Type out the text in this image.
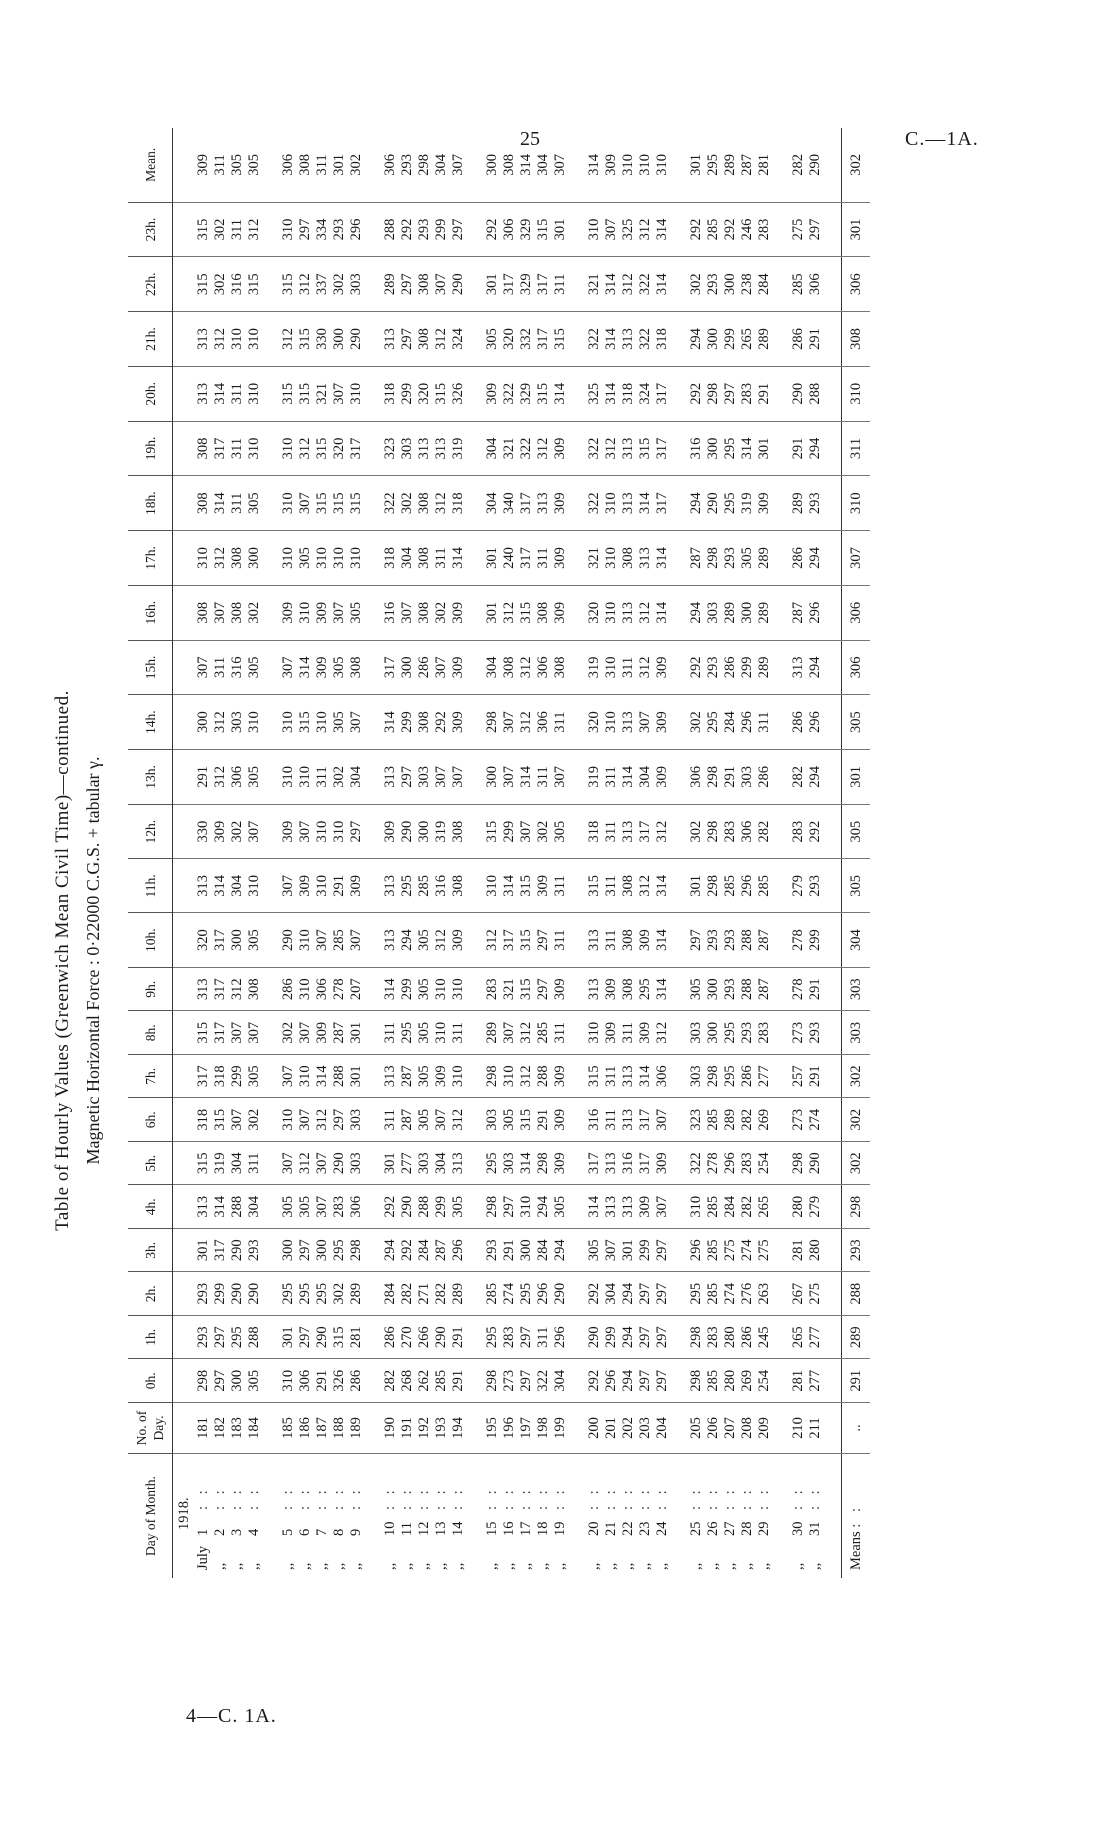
25	C.—1A.
Table of Hourly Values (Greenwich Mean Civil Time)—continued. Magnetic Horizontal Force : 0·22000 C.G.S. + tabular γ.
Day of Month.	No. of Day.	0h.	1h.	2h.	3h.	4h.	5h.	6h.	7h.	8h.	9h.	10h.	11h.	12h.	13h.	14h.	15h.	16h.	17h.	18h.	19h.	20h.	21h.	22h.	23h.	Mean.
1918.																										
July1: :	181	298	293	293	301	313	315	318	317	315	313	320	313	330	291	300	307	308	310	308	308	313	313	315	315	309
,,2: :	182	297	297	299	317	314	319	315	318	317	317	317	314	309	312	312	311	307	312	314	317	314	312	302	302	311
,,3: :	183	300	295	290	290	288	304	307	299	307	312	300	304	302	306	303	316	308	308	311	311	311	310	316	311	305
,,4: :	184	305	288	290	293	304	311	302	305	307	308	305	310	307	305	310	305	302	300	305	310	310	310	315	312	305

,,5: :	185	310	301	295	300	305	307	310	307	302	286	290	307	309	310	310	307	309	310	310	310	315	312	315	310	306
,,6: :	186	306	297	295	297	305	312	307	310	307	310	310	309	307	310	315	314	310	305	307	312	315	315	312	297	308
,,7: :	187	291	290	295	300	307	307	312	314	309	306	307	310	310	311	310	309	309	310	315	315	321	330	337	334	311
,,8: :	188	326	315	302	295	283	290	297	288	287	278	285	291	310	302	305	305	307	310	315	320	307	300	302	293	301
,,9: :	189	286	281	289	298	306	303	303	301	301	207	307	309	297	304	307	308	305	310	315	317	310	290	303	296	302

,,10: :	190	282	286	284	294	292	301	311	313	311	314	313	313	309	313	314	317	316	318	322	323	318	313	289	288	306
,,11: :	191	268	270	282	292	290	277	287	287	295	299	294	295	290	297	299	300	307	304	302	303	299	297	297	292	293
,,12: :	192	262	266	271	284	288	303	305	305	305	305	305	285	300	303	308	286	308	308	308	313	320	308	308	293	298
,,13: :	193	285	290	282	287	299	304	307	309	310	310	312	316	319	307	292	307	302	311	312	313	315	312	307	299	304
,,14: :	194	291	291	289	296	305	313	312	310	311	310	309	308	308	307	309	309	309	314	318	319	326	324	290	297	307

,,15: :	195	298	295	285	293	298	295	303	298	289	283	312	310	315	300	298	304	301	301	304	304	309	305	301	292	300
,,16: :	196	273	283	274	291	297	303	305	310	307	321	317	314	299	307	307	308	312	240	340	321	322	320	317	306	308
,,17: :	197	297	297	295	300	310	314	315	312	312	315	315	315	307	314	312	312	315	317	317	322	329	332	329	329	314
,,18: :	198	322	311	296	284	294	298	291	288	285	297	297	309	302	311	306	306	308	311	313	312	315	317	317	315	304
,,19: :	199	304	296	290	294	305	309	309	309	311	309	311	311	305	307	311	308	309	309	309	309	314	315	311	301	307

,,20: :	200	292	290	292	305	314	317	316	315	310	313	313	315	318	319	320	319	320	321	322	322	325	322	321	310	314
,,21: :	201	296	299	304	307	313	313	311	311	309	309	311	311	311	311	310	310	310	310	310	312	314	314	314	307	309
,,22: :	202	294	294	294	301	313	316	313	313	311	308	308	308	313	314	313	311	313	308	313	313	318	313	312	325	310
,,23: :	203	297	297	297	299	309	317	317	314	309	295	309	312	317	304	307	312	312	313	314	315	324	322	322	312	310
,,24: :	204	297	297	297	297	307	309	307	306	312	314	314	314	312	309	309	309	314	314	317	317	317	318	314	314	310

,,25: :	205	298	298	295	296	310	322	323	303	303	305	297	301	302	306	302	292	294	287	294	316	292	294	302	292	301
,,26: :	206	285	283	285	285	285	278	285	298	300	300	293	298	298	298	295	293	303	298	290	300	298	300	293	285	295
,,27: :	207	280	280	274	275	284	296	289	295	295	293	293	285	283	291	284	286	289	293	295	295	297	299	300	292	289
,,28: :	208	269	286	276	274	282	283	282	286	293	288	288	296	306	303	296	299	300	305	319	314	283	265	238	246	287
,,29: :	209	254	245	263	275	265	254	269	277	283	287	287	285	282	286	311	289	289	289	309	301	291	289	284	283	281

,,30: :	210	281	265	267	281	280	298	273	257	273	278	278	279	283	282	286	313	287	286	289	291	290	286	285	275	282
,,31: :	211	277	277	275	280	279	290	274	291	293	291	299	293	292	294	296	294	296	294	293	294	288	291	306	297	290

Means : :	..	291	289	288	293	298	302	302	302	303	303	304	305	305	301	305	306	306	307	310	311	310	308	306	301	302
4—C. 1A.
